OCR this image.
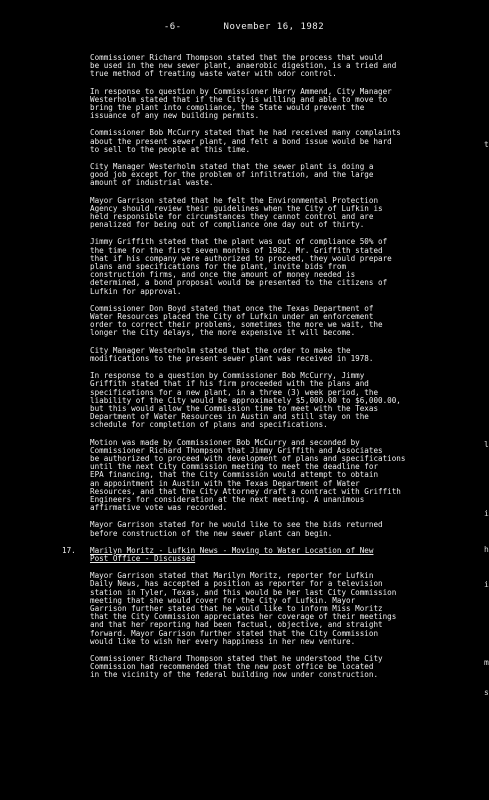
-6-	November 16, 1982

Commissioner Richard Thompson stated that the process that would
be used in the new sewer plant, anaerobic digestion, is a tried and
true method of treating waste water with odor control.

In response to question by Commissioner Harry Ammend, City Manager
Westerholm stated that if the City is willing and able to move to
bring the plant into compliance, the State would prevent the
issuance of any new building permits.

Commissioner Bob McCurry stated that he had received many complaints
about the present sewer plant, and felt a bond issue would be hard
to sell to the people at this time.

City Manager Westerholm stated that the sewer plant is doing a
good job except for the problem of infiltration, and the large
amount of industrial waste.

Mayor Garrison stated that he felt the Environmental Protection
Agency should review their guidelines when the City of Lufkin is
held responsible for circumstances they cannot control and are
penalized for being out of compliance one day out of thirty.

Jimmy Griffith stated that the plant was out of compliance 50% of
the time for the first seven months of 1982. Mr. Griffith stated
that if his company were authorized to proceed, they would prepare
plans and specifications for the plant, invite bids from
construction firms, and once the amount of money needed is
determined, a bond proposal would be presented to the citizens of
Lufkin for approval.

Commissioner Don Boyd stated that once the Texas Department of
Water Resources placed the City of Lufkin under an enforcement
order to correct their problems, sometimes the more we wait, the
longer the City delays, the more expensive it will become.

City Manager Westerholm stated that the order to make the
modifications to the present sewer plant was received in 1978.

In response to a question by Commissioner Bob McCurry, Jimmy
Griffith stated that if his firm proceeded with the plans and
specifications for a new plant, in a three (3) week period, the
liability of the City would be approximately $5,000.00 to $6,000.00,
but this would allow the Commission time to meet with the Texas
Department of Water Resources in Austin and still stay on the
schedule for completion of plans and specifications.

Motion was made by Commissioner Bob McCurry and seconded by
Commissioner Richard Thompson that Jimmy Griffith and Associates
be authorized to proceed with development of plans and specifications
until the next City Commission meeting to meet the deadline for
EPA financing, that the City Commission would attempt to obtain
an appointment in Austin with the Texas Department of Water
Resources, and that the City Attorney draft a contract with Griffith
Engineers for consideration at the next meeting. A unanimous
affirmative vote was recorded.

Mayor Garrison stated for he would like to see the bids returned
before construction of the new sewer plant can begin.

17. Marilyn Moritz - Lufkin News - Moving to Water Location of New
Post Office - Discussed

Mayor Garrison stated that Marilyn Moritz, reporter for Lufkin
Daily News, has accepted a position as reporter for a television
station in Tyler, Texas, and this would be her last City Commission
meeting that she would cover for the City of Lufkin. Mayor
Garrison further stated that he would like to inform Miss Moritz
that the City Commission appreciates her coverage of their meetings
and that her reporting had been factual, objective, and straight
forward. Mayor Garrison further stated that the City Commission
would like to wish her every happiness in her new venture.

Commissioner Richard Thompson stated that he understood the City
Commission had recommended that the new post office be located
in the vicinity of the federal building now under construction.

t
l
i
h
i
m
s
